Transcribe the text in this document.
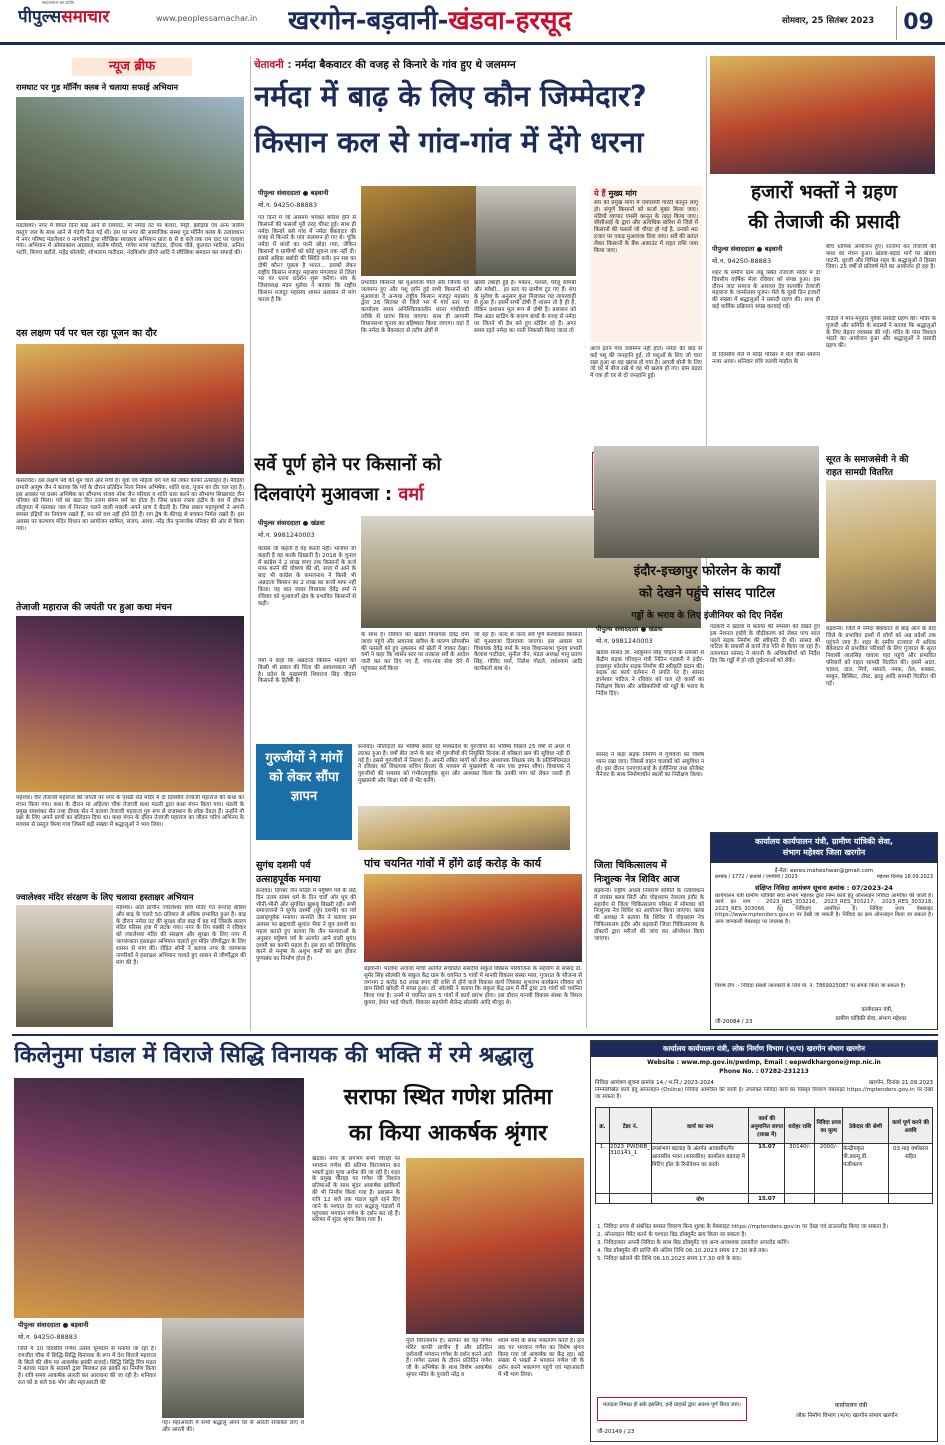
पीपुल्ससमाचार
सदाशयता का प्रयोग
www.peoplessamachar.in	खरगोन-बड़वानी-खंडवा-हरसूद	सोमवार, 25 सितंबर 2023	09
न्यूज ब्रीफ
रामघाट पर गुड मॉर्निंग क्लब ने चलाया सफाई अभियान
मंडलेश्वर। नगर में विगत दिनों बाढ़ आने से रामघाट, माँ नर्मदा तट पर कचरा, मिट्टी, झाड़ियां एवं अन्य जलीय वस्तुएं जल के साथ आने से गंदगी फैल गई थी। इस पर नगर की सामाजिक संस्था गुड मॉर्निंग क्लब के तत्वावधान में नगर परिषद मंडलेश्वर व नागरिकों द्वारा स्वैच्छिक स्वच्छता अभियान प्रातः 6 से 8 बजे तक राम घाट पर चलाया गया। अभियान में ओमप्रकाश अग्रवाल, संतोष मोयदे, गणेश माया पाटीदार, दीपक चौबे, कुलवंत भाटिया, अनिल भटोरे, बिजय बर्डोले, महेंद्र सोलंकी, शोभाराम पाटीदार, नंदकिशोर डोंगरे आदि ने स्वैच्छिक श्रमदान कर सफाई की।
दस लक्षण पर्व पर चल रहा पूजन का दौर
कसरावद। दस लक्षण पर्व की धूम चारों ओर मची है। युवा एवं महिला वर्ग पर्व को लेकर काफी उत्साहित है। मीडिया प्रभारी आयुष जैन ने बताया कि पर्व के दौरान प्रतिदिन नित्य नियम अभिषेक, शांति धारा, पूजन का दौर चल रहा है। इस अवसर पर प्रथम अभिषेक का सौभाग्य संजय नरेश जैन परिवार व शांति धारा करने का सौभाग्य शिखरचंद जैन परिवार को मिला। पर्व का छठा दिन उत्तम संयम धर्म का होता है। जिस प्रकार रास्ता इंद्रीय के वश में होकर लोलुपता में फंसकर जल में निरन्तर चलने वाली मछली अपने प्राण दे बैठती है। जिस प्रकार महापुरुषों ने अपनी समस्त इंद्रियों पर नियंत्रण रखते हैं, मन को वश नहीं होने देते हैं। राग द्वेष के कीचड़ से बचकर निर्मल रखते हैं। इस अवसर पर कल्याण मंदिर विधान का आयोजन सामिल, संजय, आशा, नरेंद्र जैन पुन्यार्जक परिवार की ओर से किया गया।
तेजाजी महाराज की जयंती पर हुआ कथा मंचन
महेश्वर। वीर तेजाजी महाराज की जयंती पर नगर के एसडी रोड मंदिर में दो दिवसीय तेजाजी महाराज की कथा का मंचन किया गया। कथा के दौरान मां अहिल्या चौक तेजाजी कथा मंडली द्वारा कथा मंचन किया गया। मंडली के प्रमुख रामशंकर सेन तथा दीपक सेन ने बताया तेजाजी महाराज गुरु रूप से राजस्थान के लोक देवता हैं। उन्होंने गौ रक्षा के लिए अपने प्राणों का बलिदान दिया था। कथा मंचन के दौरान तेजाजी महाराज का जीवन चरित्र अभिनय के माध्यम से प्रस्तुत किया गया जिसमें बड़ी संख्या में श्रद्धालुओं ने भाग लिया।
ज्वालेश्वर मंदिर संरक्षण के लिए चलाया हस्ताक्षर अभियान
महेश्वर। अति प्राचीन ज्वालेश्वर शिव मंदिर गत सप्ताह बारिश और बाढ़ के चलते 50 प्रतिशत से अधिक प्रभावित हुआ है। बाढ़ के दौरान नर्मदा तट की सुरक्षा वॉल बाढ़ में बह गई जिसके कारण मंदिर परिसर हवा में लटक गया। नगर के रिप पक्की ने रविवार को ज्वालेश्वर मंदिर की संरक्षण और सुरक्षा के लिए नगर में जागरूकता हस्ताक्षर अभियान चलाते हुए मंदिर जीर्णोद्धार के लिए शासन से मांग की। रोहित सोनी ने बताया नगर के जागरूक नागरिकों ने हस्ताक्षर अभियान चलाते हुए शासन से जीर्णोद्धार की मांग की है।
चेतावनी : नर्मदा बैकवाटर की वजह से किनारे के गांव हुए थे जलमग्न
नर्मदा में बाढ़ के लिए कौन जिम्मेदार?
किसान कल से गांव-गांव में देंगे धरना
पीपुल्स संवाददाता ● बड़वानी
मो.न. 94250-88883
गत दिनों में जो असमय भयंकर बारिश होने से किसानों की फसलों पूरी तरह चौपट हुई। साथ ही नर्मदा किनारे बसे गांव में नर्मदा बैकवाटर की वजह से किनारे के गांव जलमग्न हो गए थे। चूंकि नर्मदा में बांधों का पानी छोड़ा गया, लेकिन किसानों व ग्रामीणों को कोई सूचना तक नहीं दी। इससे अधिक बर्बादी की स्थिति बनी। इन सब का दोषी कौन? पूछता है भारत... इसको लेकर राष्ट्रीय किसान मजदूर महासंघ मंगलवार से जिला भर पर धरना प्रदर्शन शुरू करेगा। संघ के जिलाध्यक्ष मदन मुलेवा ने बताया कि राष्ट्रीय किसान मजदूर महासंघ शासन प्रशासन से मांग करता है कि
प्रभावित किसानों को मुआवजा मिले और जिनके घर जलमग्न हुए और पशु हानि हुई सभी किसानों को मुआवजा दें अन्यथा राष्ट्रीय किसान मजदूर महासंघ द्वारा 26 सितंबर से जिले भर में गांव स्तर पर कार्यालय समय अनिश्चितकालीन धरना गांधीवादी तरीके से प्रारंभ किया जाएगा। साथ ही आगामी विधानसभा चुनाव का बहिष्कार किया जाएगा। वहां दें कि नर्मदा के बैकवाटर से तटीय क्षेत्रों में
खासी तबाही हुई है। मकान, फसलें, घरेलू सामग्री और मवेशी... हर स्तर पर ग्रामीण टूट गए हैं। संघ के मुलेवा के अनुसार कुल मिलाकर यह लापरवाही से हुआ है। इसमें सभी दोषी हैं शासन तो है ही है, लेकिन प्रशासन मूल रूप से दोषी है। प्रशासन को मिस अंडर स्टडिंग के कारण बांधों के वजह से नर्मदा पर जितने भी डैम बने हुए स्टेडिंग रहे हैं। अगर समय रहते नर्मदा का पानी निकासी किया जाता तो
ये हैं मुख्य मांग
संघ की प्रमुख मांगों में एमएसपी गारंटी कानून लागू हो। संपूर्ण किसानों को कर्जा मुक्त किया जाए। मंडियों व्यापार एमसी कानून के तहत किया जाए। सीसीआई के द्वारा और अत्यधिक बारिश से जिले में किसानों की फसलें जो चौपट हो गई है, उनको 40 हजार पर एकड़ मुआवजा दिया जाए। सर्वे की बतात लेकर किसानों के बैंक अकाउंट में राहत राशि जमा किया जाए।
आज इतने गांव जलमग्न नहीं होते। नर्मदा की बाढ़ से कई पशु की जनहानि हुई, तो पशुओं के लिए जो चारा रखा हुआ था वह खराब हो गया है। अगली बोनी के लिए जो घर में बीज रखे थे वह भी खराब हो गए। ग्राम बड़दा में एक ही घर से दो जनहानि हुई।
सर्वे पूर्ण होने पर किसानों को
दिलवाएंगे मुआवजा : वर्मा
पीपुल्स संवाददाता ● खंडवा
मो.न. 9981240003
कांग्रेस जो कहती है वह करती नहीं। भाजपा जो कहती है वह करके दिखाती है। 2018 के चुनाव में कांग्रेस ने 2 लाख रुपए तक किसानों के कर्ज माफ करने की घोषणा की थी, सत्ता में आने के बाद भी कांग्रेस के कमलनाथ ने किसी भी अन्नदाता किसान का 2 लाख का कर्जा माफ नहीं किया। यह बात जावर विधायक देवेंद्र वर्मा ने रविवार को मुआवजों क्षेत्र के प्रभावित किसानों से कही।
वर्मा ने कहा कि अन्नदाता किसान भाइयों को किसी भी प्रकार की चिंता की आवश्यकता नहीं है। प्रदेश के मुख्यमंत्री शिवराज सिंह चौहान किसानों के हितैषी हैं।
के साथ है। रविवार को खंडवा विधायक देवेंद्र वर्मा जावर पहुंचे और अचानक बारिश के कारण सोयाबीन की फसलों को हुए नुकसान को खेतों में जाकर देखा। वर्मा ने कहा कि शासन स्तर पर तत्काल सर्वे के आदेश जारी कर कर दिए गए हैं, गांव-गांव सेवा देने में पहुंचकर सर्वे किया
जा रहा है। जल्द से जल्द सर्वे पूर्ण करवाकर किसानों को मुआवजा दिलवाया जाएगा। इस अवसर पर विधायक देवेंद्र वर्मा के साथ विधानसभा चुनाव प्रभारी कैलाश पाटीदार, सुनील जैन, मंडल अध्यक्ष भानु प्रताप सिंह, गोविंद वर्मा, निलेश गोठले, राधेश्याम आदि कार्यकर्ता साथ थे।
गुरुजीयों ने मांगों को लेकर सौंपा ज्ञापन
सनावद। नीतिदातों का भविष्य संवार रहे मध्यप्रदेश के गुरुजीयों का भविष्य पिछले 25 वर्षों से अधर में लटका हुआ है। वर्षों बीत जाने के बाद भी गुरुजीयों की नियुक्ति दिनांक से वरिष्ठता क्रम की सुविधा नहीं दी गई है। इससे गुरुजीयों में निराशा है। अपनी लंबित मांगों को लेकर अध्यापक शिक्षक संघ के प्रतिनिधिमंडल ने रविवार को विधायक सचिन बिरला के माध्यम से मुख्यमंत्री के नाम एक ज्ञापन सौंपा। विधायक ने गुरुजीयों की समस्या को गंभीरतापूर्वक सुना और आश्वस्त किया कि उनकी मांग को लेकर जल्दी ही मुख्यमंत्री और शिक्षा मंत्री से भेंट करेंगे।
सुगंध दशमी पर्व
उत्साहपूर्वक मनाया
सनावद। दिगंबर जैन मंदिरों में पर्युषण पर्व के छठे दिन उत्तम संयम धर्म के दिन चारों ओर धूप की भीनी-भीनी और सुगंधित खुशबू बिखरी रही। सभी समाजजनों ने सुगंध दशमी (धूप दशमी) का पर्व उत्साहपूर्वक मनाया। सन्मति जैन ने बताया इस अवसर पर ब्रह्मचारी सुशांत भैया ने धूप दशमी का महत्व बताते हुए बताया कि जैन मान्यताओं के अनुसार पर्युषण पर्व के अंतर्गत आने वाली सुगंध दशमी का काफी महत्व है। इस व्रत को विधिपूर्वक करने से मनुष्य के अशुभ कर्मों का क्षय होकर पुण्यबंध का निर्माण होता है।
पांच चयनित गांवों में होंगे ढाई करोड़ के कार्य
बड़वानी। भाजपा अजजा मोर्चा अंतर्गत संचालित संसदीय संकुल विकास परियोजना के सहयोग से सांसद डॉ. सुमेर सिंह सोलंकी के संकुल केंद्र ग्राम के चयनित 5 गांवों में मानवी विकास संस्था मध्य, गुजरात के सौजन्य से लगभग 2 करोड़ 50 लाख रुपए की राशि से होने वाले विकास कार्य जिसका शुभारंभ कार्यक्रम रविवार को ग्राम सिंधी खोदरी में संपन्न हुआ। डॉ. सोलंकी ने बताया कि संकुल केंद्र ग्राम में मैंने द्वारा 25 गांवों को चयनित किया गया है। उनमें से चयनित ग्राम 5 गांवों में कार्य प्रारंभ होगा। इस दौरान मानवी विकास संस्था के विमल कुमार, हेमंत भाई चौधरी, विकास सहयोगी शैलेन्द्र सोलंकी आदि मौजूद थे।
हजारों भक्तों ने ग्रहण
की तेजाजी की प्रसादी
पीपुल्स संवाददाता ● बड़वानी
मो.न. 94250-88883
शहर के समीप ग्राम लन्नू स्थित तेजाजी मंदिर में दो दिवसीय वार्षिक मेला रविवार को संपन्न हुआ। इस दौरान जाट समाज के आराध्य देव सत्यवीर तेजाजी महाराज के जन्मोत्सव पूजन। मेले के दूसरे दिन हजारों की संख्या में श्रद्धालुओं ने प्रसादी ग्रहण की। साथ ही कई धार्मिक प्रक्रियाएं संपन्न करवाई गईं।
दो दिवसीय मेले में मंदिर परिसर में मेले जैसा स्वरूप नजर आया। शनिवार रात्रि जलवी माहौल के
बीच धार्मिक आयोजन हुए। रतजगा कर तेजाजी की कथा का मंचन हुआ। खंडवा-बड़दा मार्ग पर खंडवा पाटनी, धुरजी और विभिन्न शहर के श्रद्धालुओं ने हिस्सा लिया। 25 वर्षों से प्रतिवर्ष मेले का आयोजन हो रहा है।
पंडितों ने मान-मनुहार पूर्वक प्रसादी ग्रहण की। मंदिर के पुजारी और समिति के सदस्यों ने बताया कि श्रद्धालुओं के लिए बेहतर व्यवस्था की गई। मंदिर के पास विशाल भंडारे का आयोजन हुआ और श्रद्धालुओं ने प्रसादी ग्रहण की।
इंदौर-इच्छापुर फोरलेन के कार्यों
को देखने पहुंचे सांसद पाटिल
गड्ढों के भराव के लिए इंजीनियर को दिए निर्देश
पीपुल्स संवाददाता ● खंडवा
मो.न. 9981240003
खंडवा सांसद ज्ञा. नंदकुमार सिंह चौहान के प्रयासों से केंद्रीय सड़क परिवहन मंत्री नितिन गडकरी ने इंदौर-इच्छापुर फोरलेन सड़क निर्माण की स्वीकृति प्रदान की। सड़क का कार्य वर्तमान में प्रगति पर है। सांसद ज्ञानेश्वर पाटिल ने रविवार को चल रहे कार्यों का निरीक्षण किया और अधिकारियों को गड्ढों के भराव के निर्देश दिए।
सांसद ने कहा सड़क निर्माण में गुणवत्ता का विशेष ध्यान रखा जाए। जिससे वाहन चालकों को असुविधा न हो। इस दौरान एनएचएआई के इंजीनियर तथा प्रोजेक्ट मैनेजर के साथ निर्माणाधीन स्थलों का निरीक्षण किया।
गडकरी ने खंडवा में बताया की समस्या को देखते हुए इस नेशनल हाईवे के चौड़ीकरण को लेकर पांच साल पहले सड़क निर्माण की स्वीकृति दी थी। सांसद श्री पाटिल के प्रयासों से कार्य तेज गति से किया जा रहा है। तत्पश्चात सांसद ने कंपनी के अधिकारियों को निर्देश दिए कि गड्ढों में हो रही दुर्घटनाओं को रोकें।
सूरत के समाजसेवी ने की
राहत सामग्री वितरित
बड़वानी। जिले में नर्मदा बैकवाटर से बाढ़ आने के बाद जिले के प्रभावित ग्रामों में लोगों को अन्न प्रदेशों तक पहुंचने लगा है। शहर के समीप राजघाट में अधिक बैकवाटर से प्रभावित परिवारों के लिए गुजरात के सूरत निवासी लालसिंह चावला यहां पहुंचे और प्रभावित परिवारों को राहत सामग्री वितरित की। इसमें आटा, चावल, दाल, मिर्च, मसाले, नमक, तेल, शक्कर, साबुन, बिस्किट, टोस्ट, झाड़ू आदि सामग्री वितरित की गई।
जिला चिकित्सालय में
निःशुल्क नेत्र शिविर आज
बड़वानी। राष्ट्रीय अंधत्व निवारण समिति के तत्वावधान में लायंस क्लब सिटी और चोइथराम नेत्रालय इंदौर के सहयोग से जिला चिकित्सालय परिसर में सोमवार को निःशुल्क नेत्र शिविर का आयोजन किया जाएगा। क्लब की अध्यक्ष ने बताया कि शिविर में चोइथराम नेत्र चिकित्सालय इंदौर और बड़वानी जिला चिकित्सालय के डॉक्टरों द्वारा मरीजों की जांच कर ऑपरेशन किया जाएगा।
कार्यालय कार्यपालन यंत्री, ग्रामीण यांत्रिकी सेवा,
संभाग महेश्वर जिला खरगोन
ई-मेल: eeres.maheshwar@gmail.com
क्रमांक / 1772 / ग्रायांसे / एमपीपी / 2023	महेश्वर दिनांक 18.09.2023
संक्षिप्त निविदा आमंत्रण सूचना क्रमांक : 07/2023-24
कार्यपालन यंत्री ग्रामीण यांत्रिकी सेवा संभाग महेश्वर द्वारा निम्न कार्य हेतु ऑनलाइन निविदा आमंत्रित की जाती है। कार्य का नाम : 2023_RES_303216, 2023_RES_303217, 2023_RES_303218, 2023_RES_303066 हेतु निविदाएं आमंत्रित हैं। निविदा प्रपत्र वेबसाइट https://www.mptenders.gov.in पर देखी जा सकती है। निविदा का क्रय ऑनलाइन किया जा सकता है। अन्य जानकारी वेबसाइट पर उपलब्ध है।
विशेष टीप :- निविदा संबंधी जानकारी के लिये मो. नं. 7869925087 पर संपर्क किया जा सकता है।
कार्यपालन यंत्री,
ग्रामीण यांत्रिकी सेवा, संभाग महेश्वर
जी-20084 / 23
किलेनुमा पंडाल में विराजे सिद्धि विनायक की भक्ति में रमे श्रद्धालु
सराफा स्थित गणेश प्रतिमा
का किया आकर्षक श्रृंगार
पीपुल्स संवाददाता ● बड़वानी
मो.न. 94250-88883
जिले में 10 दिवसीय गणेश उत्सव धूमधाम से मनाया जा रहा है। रणजीत चौक में सिद्धि-सिद्धि विनायक के रूप में देश विराजे महाराज के किले की थीम पर आकर्षक झांकी सजाई। सिद्धि सिद्धि मित्र मंडल ने बताया मंडल के सदस्यों द्वारा मिलकर इस झांकी का निर्माण किया है। रात्रि समय आकर्षक आरती कर आराधना की जा रही है। शनिवार रात को 8 बजे 56 भोग और महाआरती की
गई। महाआरती में सभी श्रद्धालु अपने घर से आरती सजाकर लाए थे और आरती की।
खंडवा। नगर के लगभग सभी चौराहों पर भगवान गणेश की प्रतिमा विराजमान कर भक्तों द्वारा पूजा अर्चना की जा रही है। शहर के प्रमुख चौराहा पर गणेश जी विशाल प्रतिमाओं के साथ सुंदर आकर्षक झांकियों की भी निर्माण किया गया है। प्रशासन के रात्रि 12 बजे तक पंडाल खुले रहने दिए जाने के पश्चात देर रात श्रद्धालु पंडालों में पहुंचकर भगवान गणेश के दर्शन कर रहे हैं। सराफा में सुंदर श्रृंगार किया गया है।
मूर्ति विराजमान है। सराफा का यह गणेश मंदिर काफी प्राचीन है और प्रतिदिन दर्शनार्थी भगवान गणेश के दर्शन करने आते हैं। गणेश उत्सव के दौरान प्रतिदिन गणेश जी के अभिषेक के साथ विशेष आकर्षक श्रृंगार मंदिर के पुजारी नरेंद्र व
श्याम शर्मा के साथ भक्तगण करते हैं। हल छठ पर भगवान गणेश का विशेष श्रृंगार किया गया जो आकर्षक का केंद्र रहा। बड़े संख्या में भक्तों ने भगवान गणेश जी के दर्शन करने भक्तगण पहुंचे एवं महाआरती में भी भाग लिया।
कार्यालय कार्यपालन यंत्री, लोक निर्माण विभाग (भ/प) खरगोन संभाग खरगोन
Website : www.mp.gov.in/pwdmp, Email : eepwdkhargone@mp.nic.in
Phone No. : 07282-231213
निविदा आमंत्रण सूचना क्रमांक 14 / भ.नि./ 2023-2024	खरगोन, दिनांक 21.09.2023
निम्नलिखित कार्य हेतु ऑनलाइन (Online) निविदा आमंत्रित की जाती है। उपरोक्त निविदा कार्य का विस्तृत विवरण वेबसाइट https://mptenders.gov.in पर देखा जा सकता है।
क्र.	टेंडर नं.	कार्य का नाम	कार्य की अनुमानित लागत (लाख में)	धरोहर राशि	निविदा प्रपत्र का मूल्य	ठेकेदार की श्रेणी	कार्य पूर्ण करने की अवधि
1.	2023_PWDRB_310141_1	उपसंभाग बड़वाह के अंतर्गत आवासीय/गैर आवासीय भवन (शासकीय) कार्यालय बड़वाह में मिटिंग हॉल के रिनोवेशन का कार्य।	15.07	30140/-	2000/-	केन्द्रीयकृत पी.डब्ल्यू.डी. पंजीकरण	03 माह वर्षाकाल सहित
		योग	15.07				
1. निविदा प्रपत्र से संबंधित समस्त विवरण बिना शुल्क के वेबसाइट https://mptenders.gov.in पर देखा एवं डाउनलोड किया जा सकता है।
2. ऑनलाइन पेमेंट करने के पश्चात बिड डॉक्यूमेंट क्रय किया जा सकता है।
3. निविदाकार अपनी निविदा के साथ बिड डॉक्यूमेंट एवं अन्य आवश्यक दस्तावेज अपलोड करेंगे।
4. बिड डॉक्यूमेंट की प्राप्ति की अंतिम तिथि 06.10.2023 समय 17.30 बजे तक।
5. निविदा खोलने की तिथि 06.10.2023 समय 17.30 बजे के बाद।
मतदाता निष्पक्ष हो सके इसलिए, इन्हें ग्राहकों द्वारा अवश्य पूर्ण किया जाए।	कार्यपालन यंत्री
लोक निर्माण विभाग (भ/प) खरगोन संभाग खरगोन
जी-20149 / 23
